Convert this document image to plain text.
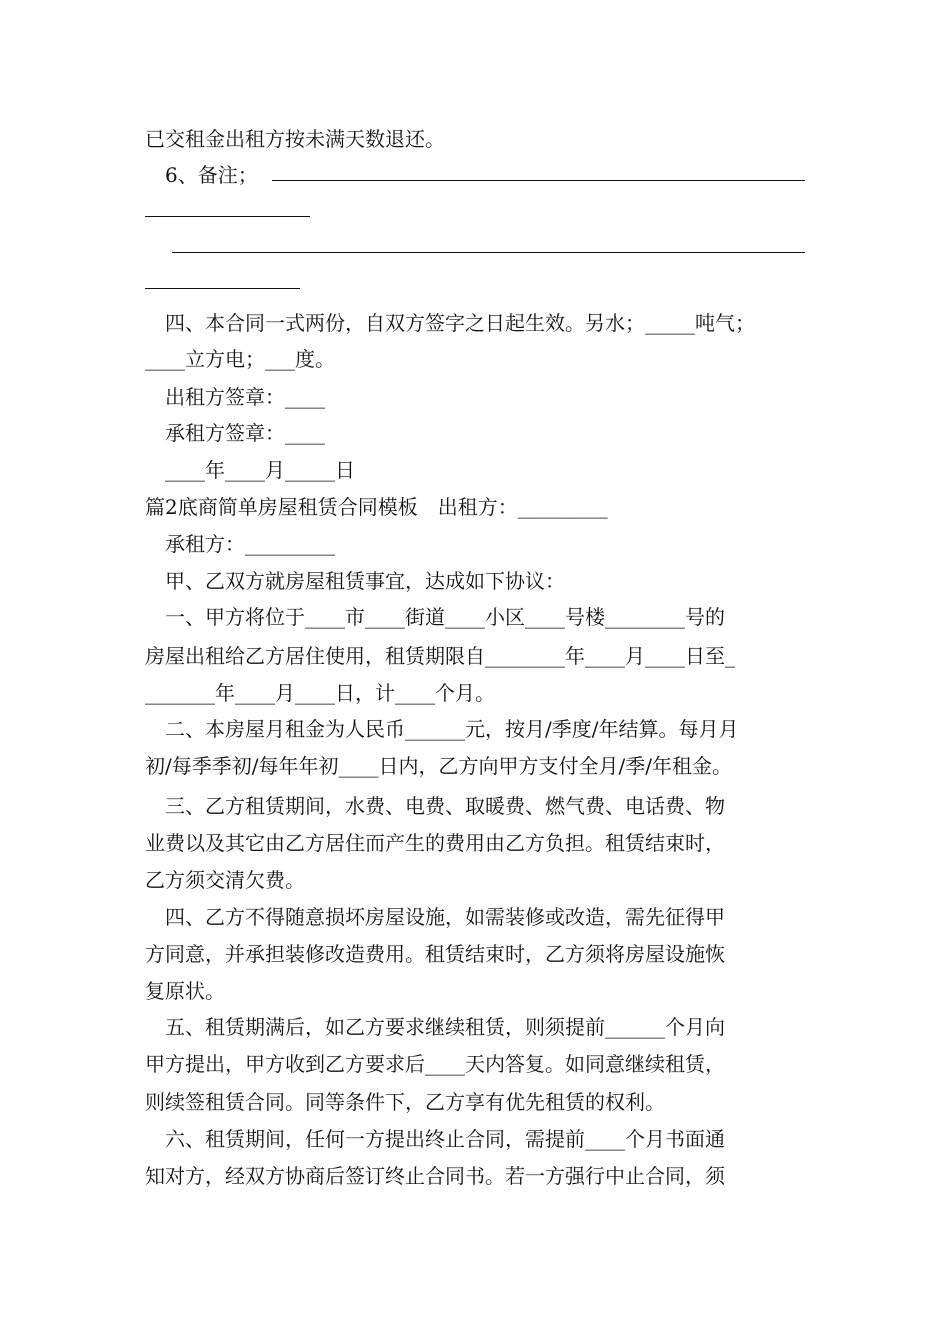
已交租金出租方按未满天数退还。
6、备注；
四、本合同一式两份，自双方签字之日起生效。另水；_____吨气；
____立方电；___度。
出租方签章：____
承租方签章：____
____年____月_____日
篇2底商简单房屋租赁合同模板　出租方：_________
承租方：_________
甲、乙双方就房屋租赁事宜，达成如下协议：
一、甲方将位于____市____街道____小区____号楼________号的
房屋出租给乙方居住使用，租赁期限自________年____月____日至_
_______年____月____日，计____个月。
二、本房屋月租金为人民币______元，按月/季度/年结算。每月月
初/每季季初/每年年初____日内，乙方向甲方支付全月/季/年租金。
三、乙方租赁期间，水费、电费、取暖费、燃气费、电话费、物
业费以及其它由乙方居住而产生的费用由乙方负担。租赁结束时，
乙方须交清欠费。
四、乙方不得随意损坏房屋设施，如需装修或改造，需先征得甲
方同意，并承担装修改造费用。租赁结束时，乙方须将房屋设施恢
复原状。
五、租赁期满后，如乙方要求继续租赁，则须提前______个月向
甲方提出，甲方收到乙方要求后____天内答复。如同意继续租赁，
则续签租赁合同。同等条件下，乙方享有优先租赁的权利。
六、租赁期间，任何一方提出终止合同，需提前____个月书面通
知对方，经双方协商后签订终止合同书。若一方强行中止合同，须
